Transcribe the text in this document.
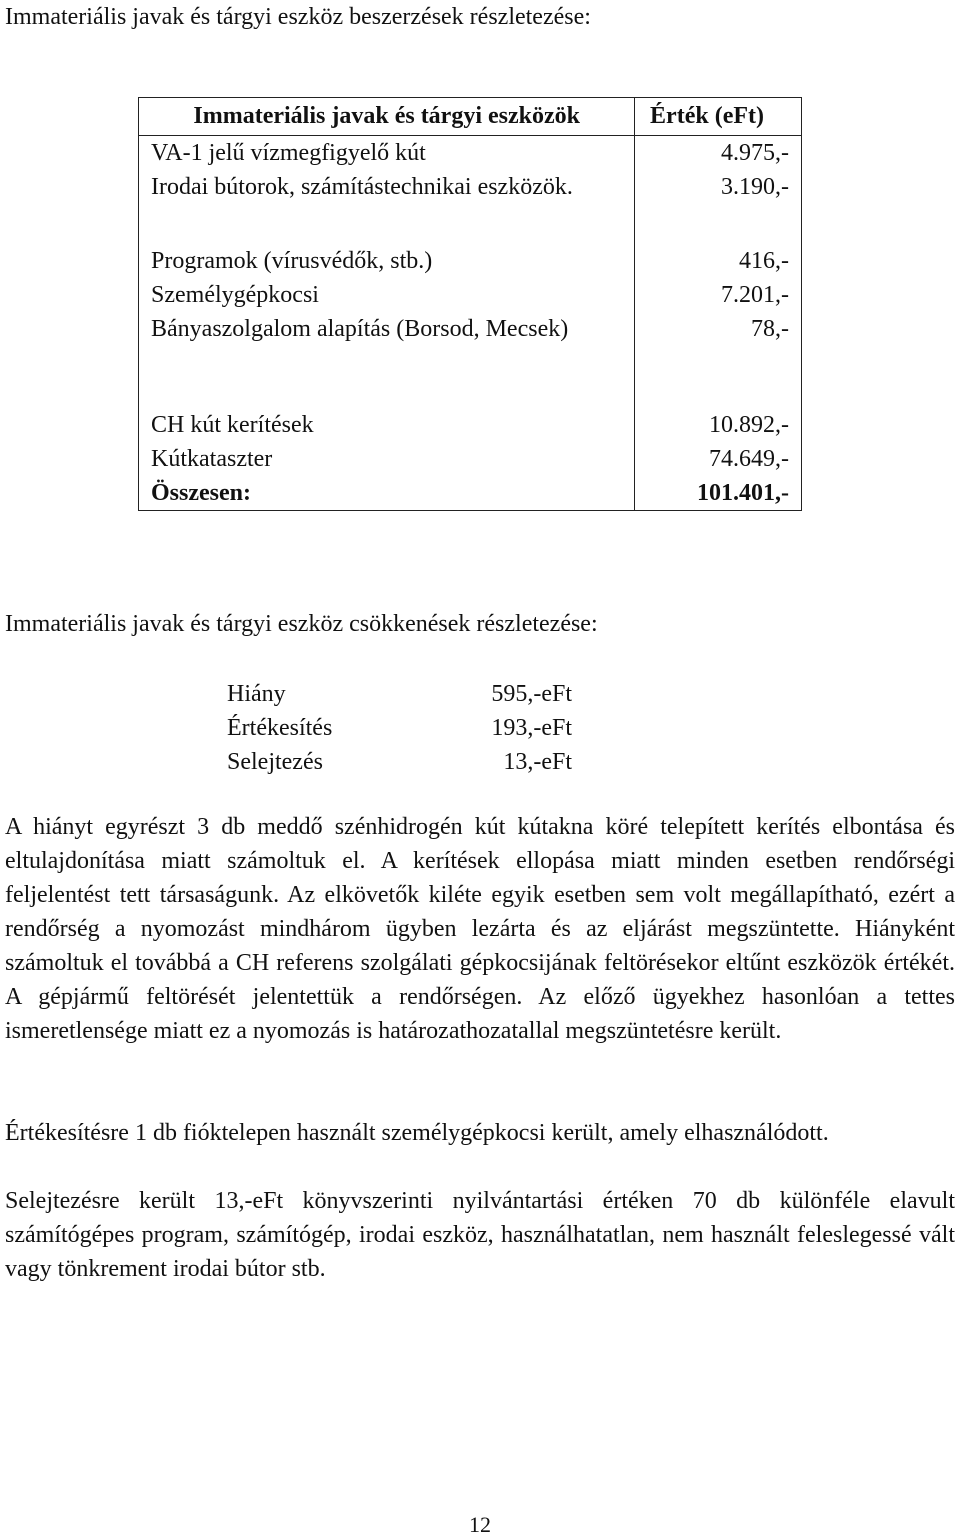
Immateriális javak és tárgyi eszköz beszerzések részletezése:
Immateriális javak és tárgyi eszközök	Érték (eFt)
VA-1 jelű vízmegfigyelő kút	4.975,-
Irodai bútorok, számítástechnikai eszközök.	3.190,-
Programok (vírusvédők, stb.)	416,-
Személygépkocsi	7.201,-
Bányaszolgalom alapítás (Borsod, Mecsek)	78,-
CH kút kerítések	10.892,-
Kútkataszter	74.649,-
Összesen:	101.401,-
Immateriális javak és tárgyi eszköz csökkenések részletezése:
Hiány	595,-eFt
Értékesítés	193,-eFt
Selejtezés	13,-eFt

A hiányt egyrészt 3 db meddő szénhidrogén kút kútakna köré telepített kerítés elbontása és eltulajdonítása miatt számoltuk el. A kerítések ellopása miatt minden esetben rendőrségi feljelentést tett társaságunk. Az elkövetők kiléte egyik esetben sem volt megállapítható, ezért a rendőrség a nyomozást mindhárom ügyben lezárta és az eljárást megszüntette. Hiányként számoltuk el továbbá a CH referens szolgálati gépkocsijának feltörésekor eltűnt eszközök értékét. A gépjármű feltörését jelentettük a rendőrségen. Az előző ügyekhez hasonlóan a tettes ismeretlensége miatt ez a nyomozás is határozathozatallal megszüntetésre került.

Értékesítésre 1 db fióktelepen használt személygépkocsi került, amely elhasználódott.

Selejtezésre került 13,-eFt könyvszerinti nyilvántartási értéken 70 db különféle elavult számítógépes program, számítógép, irodai eszköz, használhatatlan, nem használt feleslegessé vált vagy tönkrement irodai bútor stb.

12
